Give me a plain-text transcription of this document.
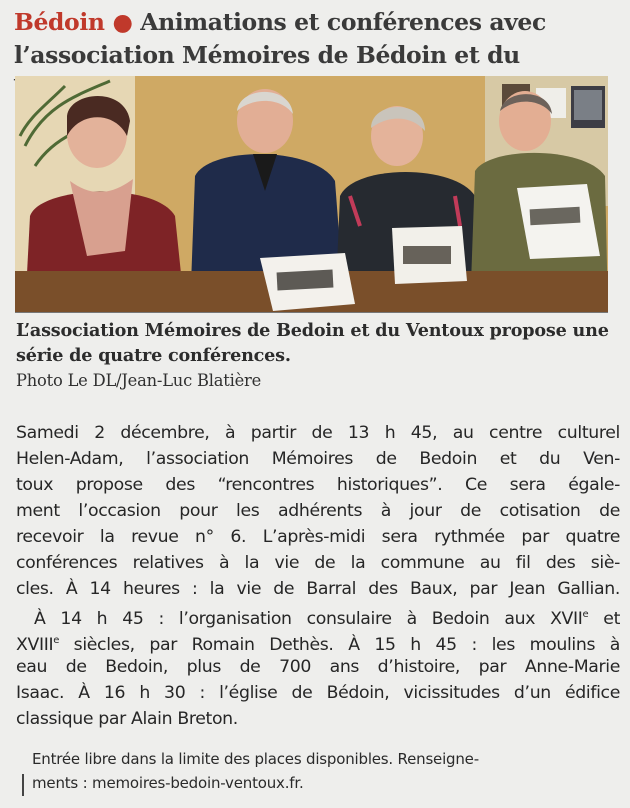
Bédoin ● Animations et conférences avec l’association Mémoires de Bédoin et du
L’association Mémoires de Bedoin et du Ventoux propose une série de quatre conférences.
Photo Le DL/Jean-Luc Blatière
Samedi 2 décembre, à partir de 13 h 45, au centre culturel
Helen-Adam, l’association Mémoires de Bedoin et du Ven-
toux propose des “rencontres historiques”. Ce sera égale-
ment l’occasion pour les adhérents à jour de cotisation de
recevoir la revue n° 6. L’après-midi sera rythmée par quatre
conférences relatives à la vie de la commune au fil des siè-
cles. À 14 heures : la vie de Barral des Baux, par Jean Gallian.
À 14 h 45 : l’organisation consulaire à Bedoin aux XVIIe et
XVIIIe siècles, par Romain Dethès. À 15 h 45 : les moulins à
eau de Bedoin, plus de 700 ans d’histoire, par Anne-Marie
Isaac. À 16 h 30 : l’église de Bédoin, vicissitudes d’un édifice
classique par Alain Breton.
Entrée libre dans la limite des places disponibles. Renseigne-
ments : memoires-bedoin-ventoux.fr.
